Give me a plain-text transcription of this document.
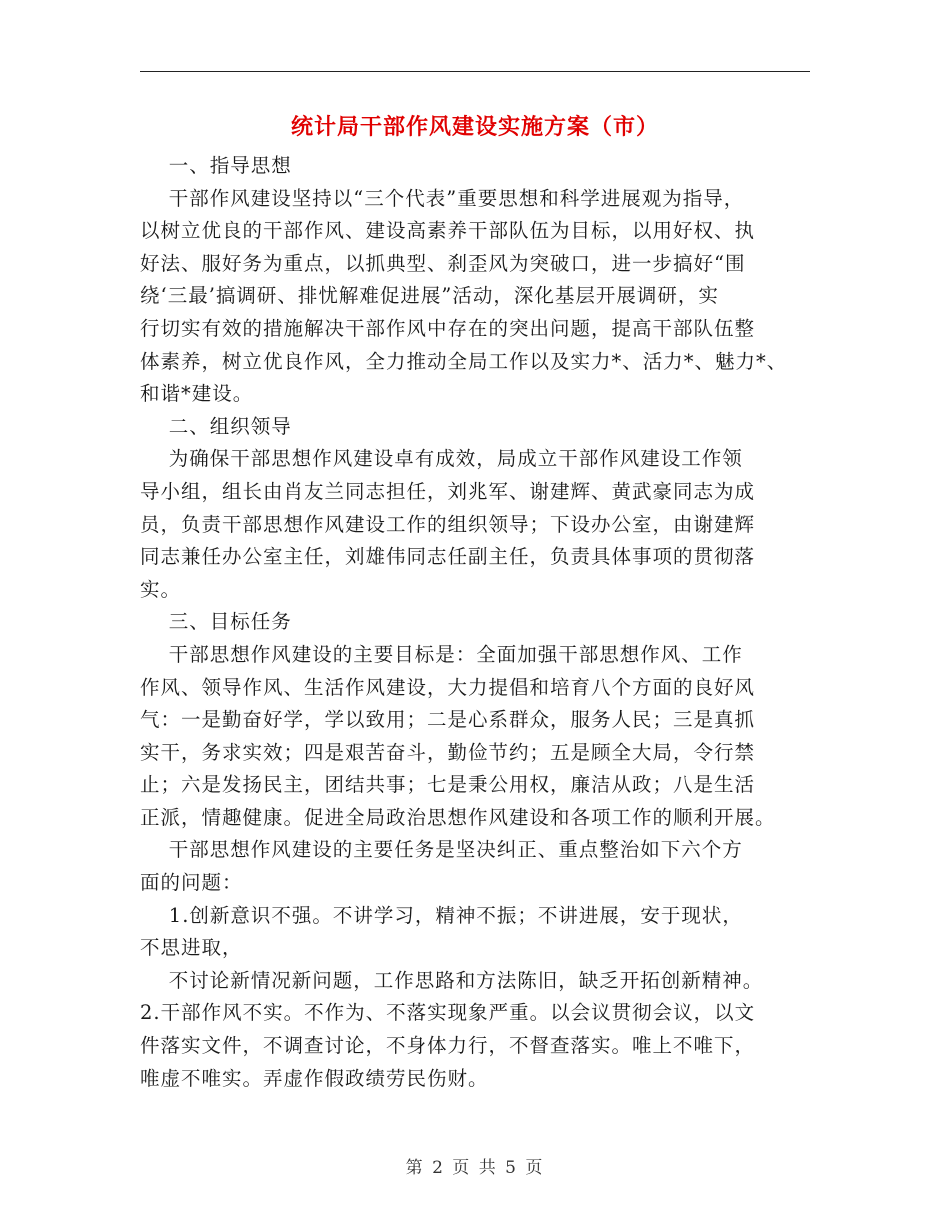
统计局干部作风建设实施方案（市）

一、指导思想

干部作风建设坚持以“三个代表”重要思想和科学进展观为指导，

以树立优良的干部作风、建设高素养干部队伍为目标，以用好权、执

好法、服好务为重点，以抓典型、刹歪风为突破口，进一步搞好“围

绕‘三最’搞调研、排忧解难促进展”活动，深化基层开展调研，实

行切实有效的措施解决干部作风中存在的突出问题，提高干部队伍整

体素养，树立优良作风，全力推动全局工作以及实力*、活力*、魅力*、

和谐*建设。

二、组织领导

为确保干部思想作风建设卓有成效，局成立干部作风建设工作领

导小组，组长由肖友兰同志担任，刘兆军、谢建辉、黄武豪同志为成

员，负责干部思想作风建设工作的组织领导；下设办公室，由谢建辉

同志兼任办公室主任，刘雄伟同志任副主任，负责具体事项的贯彻落

实。

三、目标任务

干部思想作风建设的主要目标是：全面加强干部思想作风、工作

作风、领导作风、生活作风建设，大力提倡和培育八个方面的良好风

气：一是勤奋好学，学以致用；二是心系群众，服务人民；三是真抓

实干，务求实效；四是艰苦奋斗，勤俭节约；五是顾全大局，令行禁

止；六是发扬民主，团结共事；七是秉公用权，廉洁从政；八是生活

正派，情趣健康。促进全局政治思想作风建设和各项工作的顺利开展。

干部思想作风建设的主要任务是坚决纠正、重点整治如下六个方

面的问题：

1.创新意识不强。不讲学习，精神不振；不讲进展，安于现状，

不思进取，

不讨论新情况新问题，工作思路和方法陈旧，缺乏开拓创新精神。

2.干部作风不实。不作为、不落实现象严重。以会议贯彻会议，以文

件落实文件，不调查讨论，不身体力行，不督查落实。唯上不唯下，

唯虚不唯实。弄虚作假政绩劳民伤财。

第 2 页 共 5 页
